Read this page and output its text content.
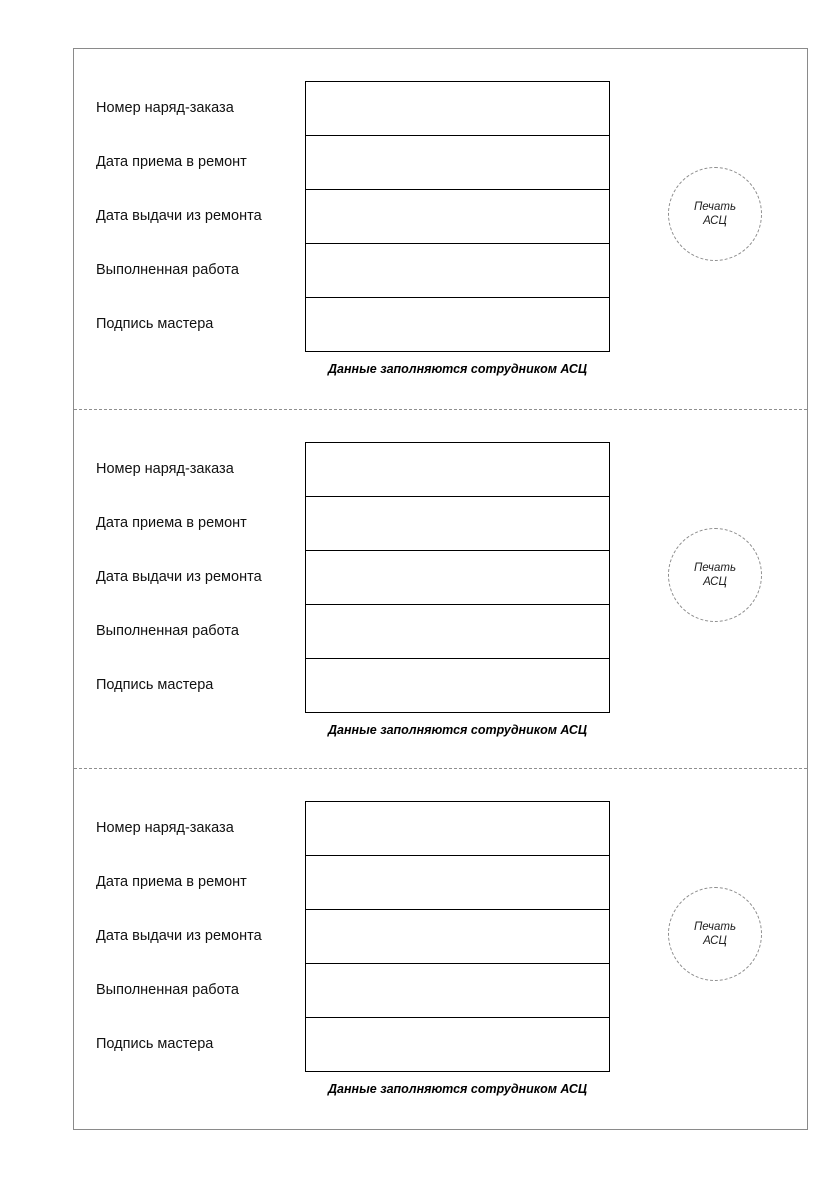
Номер наряд-заказа
Дата приема в ремонт
Дата выдачи из ремонта
Выполненная работа
Подпись мастера
Данные заполняются сотрудником АСЦ
Печать
АСЦ
Номер наряд-заказа
Дата приема в ремонт
Дата выдачи из ремонта
Выполненная работа
Подпись мастера
Данные заполняются сотрудником АСЦ
Печать
АСЦ
Номер наряд-заказа
Дата приема в ремонт
Дата выдачи из ремонта
Выполненная работа
Подпись мастера
Данные заполняются сотрудником АСЦ
Печать
АСЦ
